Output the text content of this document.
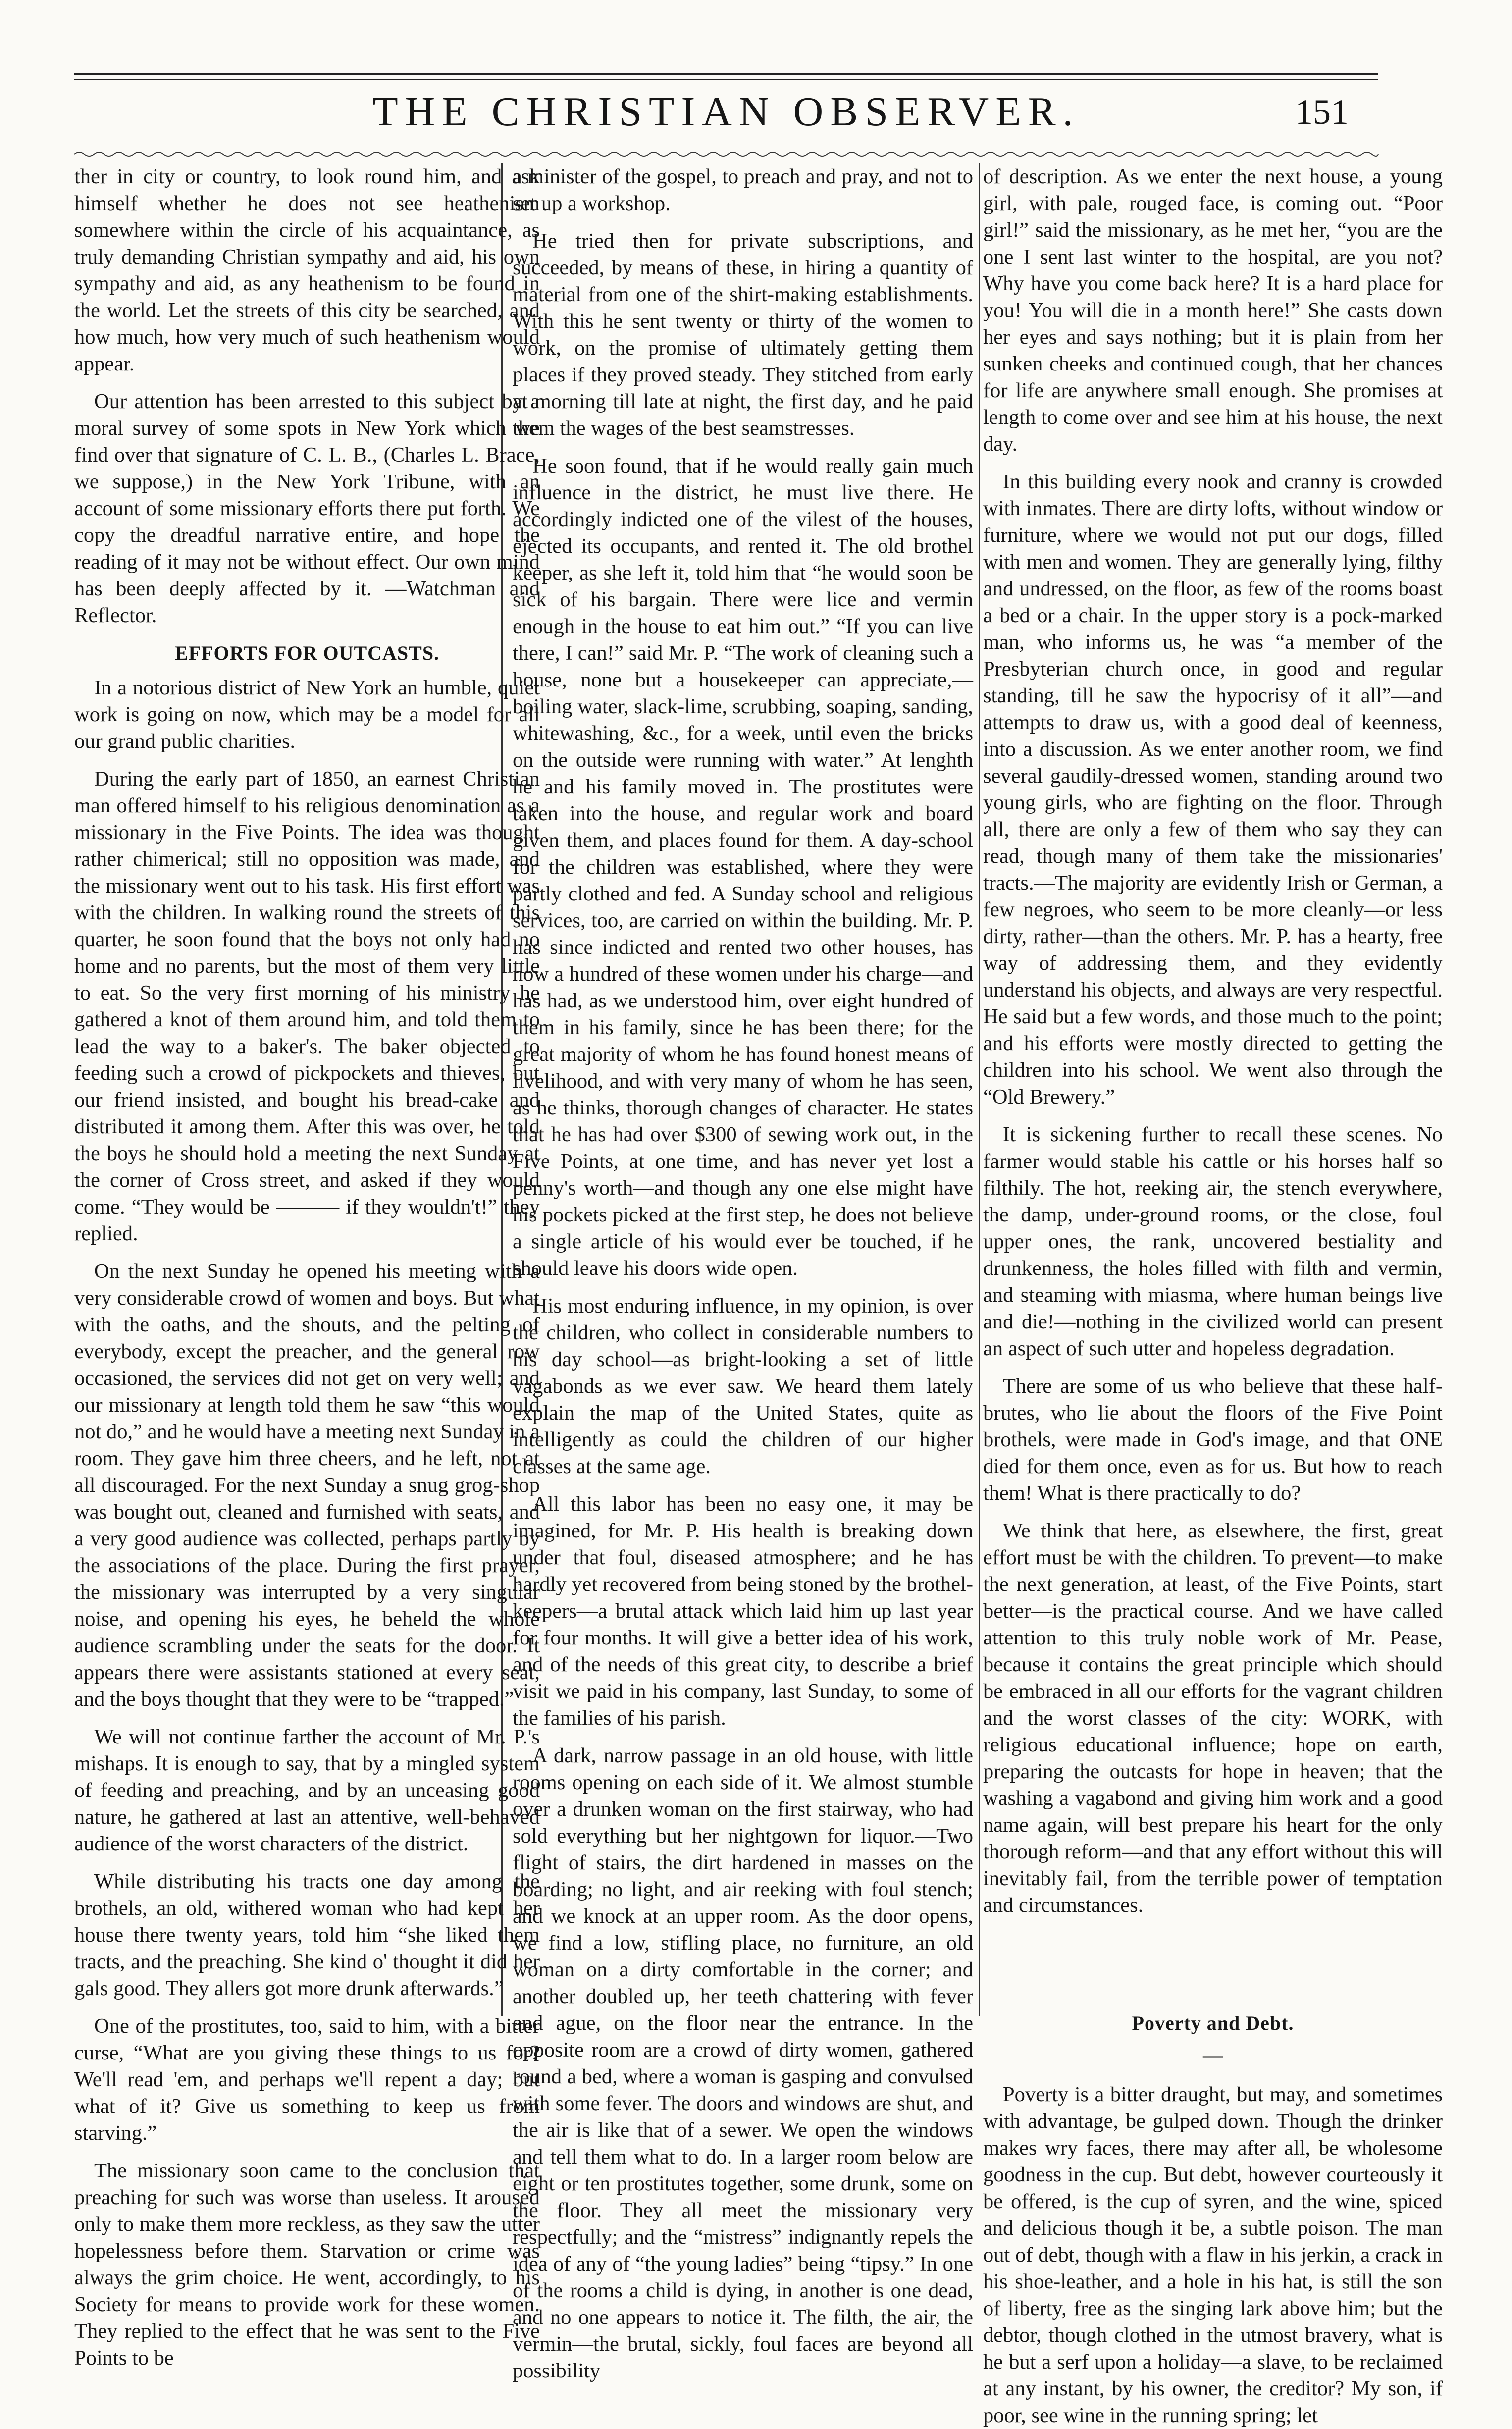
THE CHRISTIAN OBSERVER.	151

ther in city or country, to look round him, and ask himself whether he does not see heathenism somewhere within the circle of his acquaintance, as truly demanding Christian sympathy and aid, his own sympathy and aid, as any heathenism to be found in the world. Let the streets of this city be searched, and how much, how very much of such heathenism would appear.

Our attention has been arrested to this subject by a moral survey of some spots in New York which we find over that signature of C. L. B., (Charles L. Brace, we suppose,) in the New York Tribune, with an account of some missionary efforts there put forth. We copy the dreadful narrative entire, and hope the reading of it may not be without effect. Our own mind has been deeply affected by it. —Watchman and Reflector.

EFFORTS FOR OUTCASTS.

In a notorious district of New York an humble, quiet work is going on now, which may be a model for all our grand public charities.

During the early part of 1850, an earnest Christian man offered himself to his religious denomination as a missionary in the Five Points. The idea was thought rather chimerical; still no opposition was made, and the missionary went out to his task. His first effort was with the children. In walking round the streets of this quarter, he soon found that the boys not only had no home and no parents, but the most of them very little to eat. So the very first morning of his ministry he gathered a knot of them around him, and told them to lead the way to a baker's. The baker objected to feeding such a crowd of pickpockets and thieves, but our friend insisted, and bought his bread-cake and distributed it among them. After this was over, he told the boys he should hold a meeting the next Sunday at the corner of Cross street, and asked if they would come. “They would be ——— if they wouldn't!” they replied.

On the next Sunday he opened his meeting with a very considerable crowd of women and boys. But what with the oaths, and the shouts, and the pelting of everybody, except the preacher, and the general row occasioned, the services did not get on very well; and our missionary at length told them he saw “this would not do,” and he would have a meeting next Sunday in a room. They gave him three cheers, and he left, not at all discouraged. For the next Sunday a snug grog-shop was bought out, cleaned and furnished with seats, and a very good audience was collected, perhaps partly by the associations of the place. During the first prayer, the missionary was interrupted by a very singular noise, and opening his eyes, he beheld the whole audience scrambling under the seats for the door. It appears there were assistants stationed at every seat, and the boys thought that they were to be “trapped.”

We will not continue farther the account of Mr. P.'s mishaps. It is enough to say, that by a mingled system of feeding and preaching, and by an unceasing good nature, he gathered at last an attentive, well-behaved audience of the worst characters of the district.

While distributing his tracts one day among the brothels, an old, withered woman who had kept her house there twenty years, told him “she liked them tracts, and the preaching. She kind o' thought it did her gals good. They allers got more drunk afterwards.”

One of the prostitutes, too, said to him, with a bitter curse, “What are you giving these things to us for? We'll read 'em, and perhaps we'll repent a day; but what of it? Give us something to keep us from starving.”

The missionary soon came to the conclusion that preaching for such was worse than useless. It aroused only to make them more reckless, as they saw the utter hopelessness before them. Starvation or crime was always the grim choice. He went, accordingly, to his Society for means to provide work for these women. They replied to the effect that he was sent to the Five Points to be

a minister of the gospel, to preach and pray, and not to set up a workshop.

He tried then for private subscriptions, and succeeded, by means of these, in hiring a quantity of material from one of the shirt-making establishments. With this he sent twenty or thirty of the women to work, on the promise of ultimately getting them places if they proved steady. They stitched from early at morning till late at night, the first day, and he paid them the wages of the best seamstresses.

He soon found, that if he would really gain much influence in the district, he must live there. He accordingly indicted one of the vilest of the houses, ejected its occupants, and rented it. The old brothel keeper, as she left it, told him that “he would soon be sick of his bargain. There were lice and vermin enough in the house to eat him out.” “If you can live there, I can!” said Mr. P. “The work of cleaning such a house, none but a housekeeper can appreciate,—boiling water, slack-lime, scrubbing, soaping, sanding, whitewashing, &c., for a week, until even the bricks on the outside were running with water.” At lenghth he and his family moved in. The prostitutes were taken into the house, and regular work and board given them, and places found for them. A day-school for the children was established, where they were partly clothed and fed. A Sunday school and religious services, too, are carried on within the building. Mr. P. has since indicted and rented two other houses, has now a hundred of these women under his charge—and has had, as we understood him, over eight hundred of them in his family, since he has been there; for the great majority of whom he has found honest means of livelihood, and with very many of whom he has seen, as he thinks, thorough changes of character. He states that he has had over $300 of sewing work out, in the Five Points, at one time, and has never yet lost a penny's worth—and though any one else might have his pockets picked at the first step, he does not believe a single article of his would ever be touched, if he should leave his doors wide open.

His most enduring influence, in my opinion, is over the children, who collect in considerable numbers to his day school—as bright-looking a set of little vagabonds as we ever saw. We heard them lately explain the map of the United States, quite as intelligently as could the children of our higher classes at the same age.

All this labor has been no easy one, it may be imagined, for Mr. P. His health is breaking down under that foul, diseased atmosphere; and he has hardly yet recovered from being stoned by the brothel-keepers—a brutal attack which laid him up last year for four months. It will give a better idea of his work, and of the needs of this great city, to describe a brief visit we paid in his company, last Sunday, to some of the families of his parish.

A dark, narrow passage in an old house, with little rooms opening on each side of it. We almost stumble over a drunken woman on the first stairway, who had sold everything but her nightgown for liquor.—Two flight of stairs, the dirt hardened in masses on the boarding; no light, and air reeking with foul stench; and we knock at an upper room. As the door opens, we find a low, stifling place, no furniture, an old woman on a dirty comfortable in the corner; and another doubled up, her teeth chattering with fever and ague, on the floor near the entrance. In the opposite room are a crowd of dirty women, gathered round a bed, where a woman is gasping and convulsed with some fever. The doors and windows are shut, and the air is like that of a sewer. We open the windows and tell them what to do. In a larger room below are eight or ten prostitutes together, some drunk, some on the floor. They all meet the missionary very respectfully; and the “mistress” indignantly repels the idea of any of “the young ladies” being “tipsy.” In one of the rooms a child is dying, in another is one dead, and no one appears to notice it. The filth, the air, the vermin—the brutal, sickly, foul faces are beyond all possibility

of description. As we enter the next house, a young girl, with pale, rouged face, is coming out. “Poor girl!” said the missionary, as he met her, “you are the one I sent last winter to the hospital, are you not? Why have you come back here? It is a hard place for you! You will die in a month here!” She casts down her eyes and says nothing; but it is plain from her sunken cheeks and continued cough, that her chances for life are anywhere small enough. She promises at length to come over and see him at his house, the next day.

In this building every nook and cranny is crowded with inmates. There are dirty lofts, without window or furniture, where we would not put our dogs, filled with men and women. They are generally lying, filthy and undressed, on the floor, as few of the rooms boast a bed or a chair. In the upper story is a pock-marked man, who informs us, he was “a member of the Presbyterian church once, in good and regular standing, till he saw the hypocrisy of it all”—and attempts to draw us, with a good deal of keenness, into a discussion. As we enter another room, we find several gaudily-dressed women, standing around two young girls, who are fighting on the floor. Through all, there are only a few of them who say they can read, though many of them take the missionaries' tracts.—The majority are evidently Irish or German, a few negroes, who seem to be more cleanly—or less dirty, rather—than the others. Mr. P. has a hearty, free way of addressing them, and they evidently understand his objects, and always are very respectful. He said but a few words, and those much to the point; and his efforts were mostly directed to getting the children into his school. We went also through the “Old Brewery.”

It is sickening further to recall these scenes. No farmer would stable his cattle or his horses half so filthily. The hot, reeking air, the stench everywhere, the damp, under-ground rooms, or the close, foul upper ones, the rank, uncovered bestiality and drunkenness, the holes filled with filth and vermin, and steaming with miasma, where human beings live and die!—nothing in the civilized world can present an aspect of such utter and hopeless degradation.

There are some of us who believe that these half-brutes, who lie about the floors of the Five Point brothels, were made in God's image, and that ONE died for them once, even as for us. But how to reach them! What is there practically to do?

We think that here, as elsewhere, the first, great effort must be with the children. To prevent—to make the next generation, at least, of the Five Points, start better—is the practical course. And we have called attention to this truly noble work of Mr. Pease, because it contains the great principle which should be embraced in all our efforts for the vagrant children and the worst classes of the city: WORK, with religious educational influence; hope on earth, preparing the outcasts for hope in heaven; that the washing a vagabond and giving him work and a good name again, will best prepare his heart for the only thorough reform—and that any effort without this will inevitably fail, from the terrible power of temptation and circumstances.

Poverty and Debt.
—

Poverty is a bitter draught, but may, and sometimes with advantage, be gulped down. Though the drinker makes wry faces, there may after all, be wholesome goodness in the cup. But debt, however courteously it be offered, is the cup of syren, and the wine, spiced and delicious though it be, a subtle poison. The man out of debt, though with a flaw in his jerkin, a crack in his shoe-leather, and a hole in his hat, is still the son of liberty, free as the singing lark above him; but the debtor, though clothed in the utmost bravery, what is he but a serf upon a holiday—a slave, to be reclaimed at any instant, by his owner, the creditor? My son, if poor, see wine in the running spring; let
